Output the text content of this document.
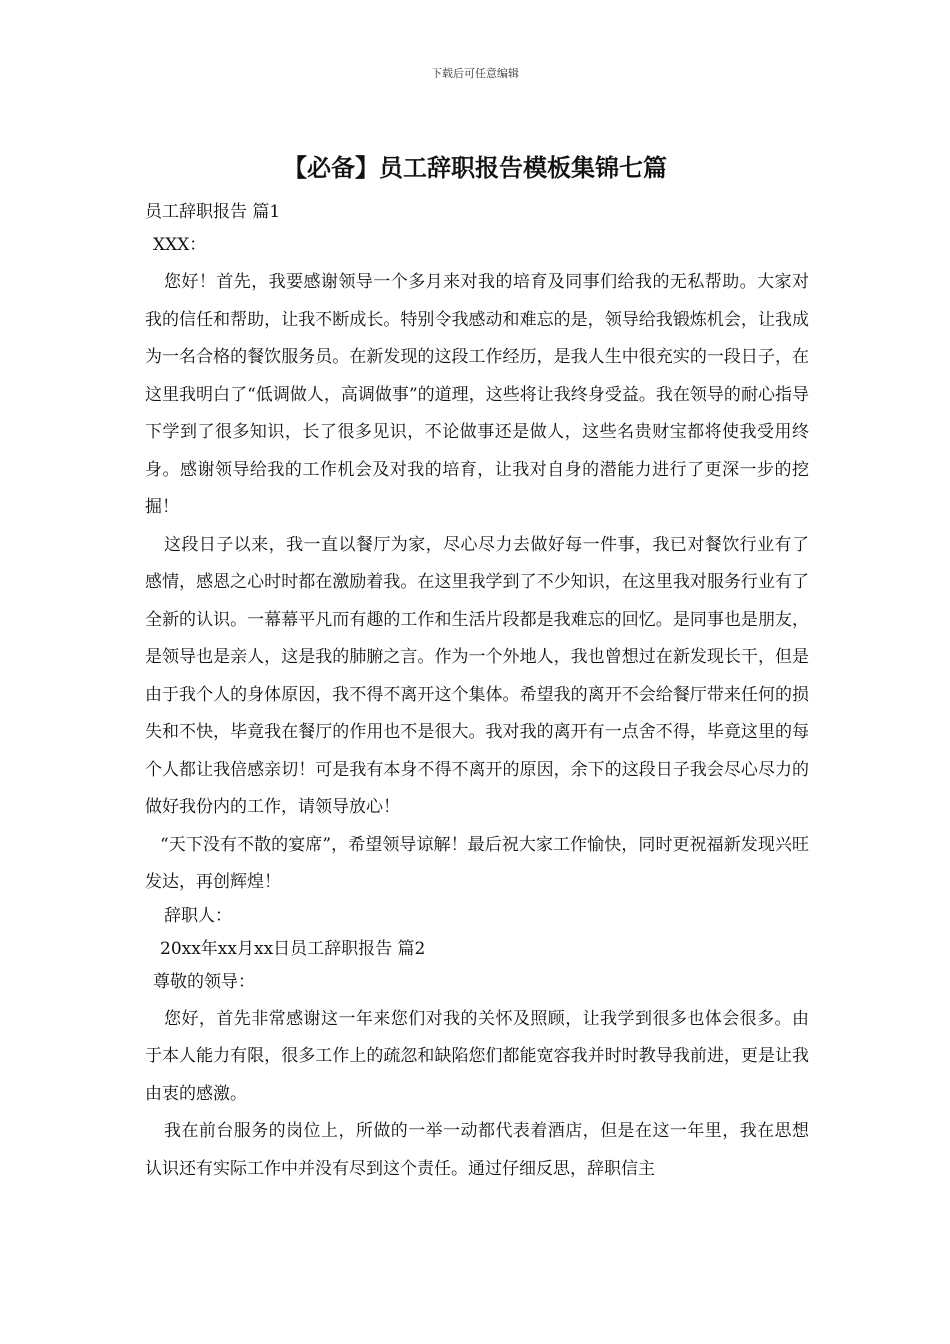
下载后可任意编辑
【必备】员工辞职报告模板集锦七篇

员工辞职报告 篇1

XXX：

您好！首先，我要感谢领导一个多月来对我的培育及同事们给我的无私帮助。大家对我的信任和帮助，让我不断成长。特别令我感动和难忘的是，领导给我锻炼机会，让我成为一名合格的餐饮服务员。在新发现的这段工作经历，是我人生中很充实的一段日子，在这里我明白了“低调做人，高调做事”的道理，这些将让我终身受益。我在领导的耐心指导下学到了很多知识，长了很多见识，不论做事还是做人，这些名贵财宝都将使我受用终身。感谢领导给我的工作机会及对我的培育，让我对自身的潜能力进行了更深一步的挖掘！

这段日子以来，我一直以餐厅为家，尽心尽力去做好每一件事，我已对餐饮行业有了感情，感恩之心时时都在激励着我。在这里我学到了不少知识，在这里我对服务行业有了全新的认识。一幕幕平凡而有趣的工作和生活片段都是我难忘的回忆。是同事也是朋友，是领导也是亲人，这是我的肺腑之言。作为一个外地人，我也曾想过在新发现长干，但是由于我个人的身体原因，我不得不离开这个集体。希望我的离开不会给餐厅带来任何的损失和不快，毕竟我在餐厅的作用也不是很大。我对我的离开有一点舍不得，毕竟这里的每个人都让我倍感亲切！可是我有本身不得不离开的原因，余下的这段日子我会尽心尽力的做好我份内的工作，请领导放心！

“天下没有不散的宴席”，希望领导谅解！最后祝大家工作愉快，同时更祝福新发现兴旺发达，再创辉煌！

辞职人：

20xx年xx月xx日员工辞职报告 篇2

尊敬的领导：

您好，首先非常感谢这一年来您们对我的关怀及照顾，让我学到很多也体会很多。由于本人能力有限，很多工作上的疏忽和缺陷您们都能宽容我并时时教导我前进，更是让我由衷的感激。

我在前台服务的岗位上，所做的一举一动都代表着酒店，但是在这一年里，我在思想认识还有实际工作中并没有尽到这个责任。通过仔细反思，辞职信主
